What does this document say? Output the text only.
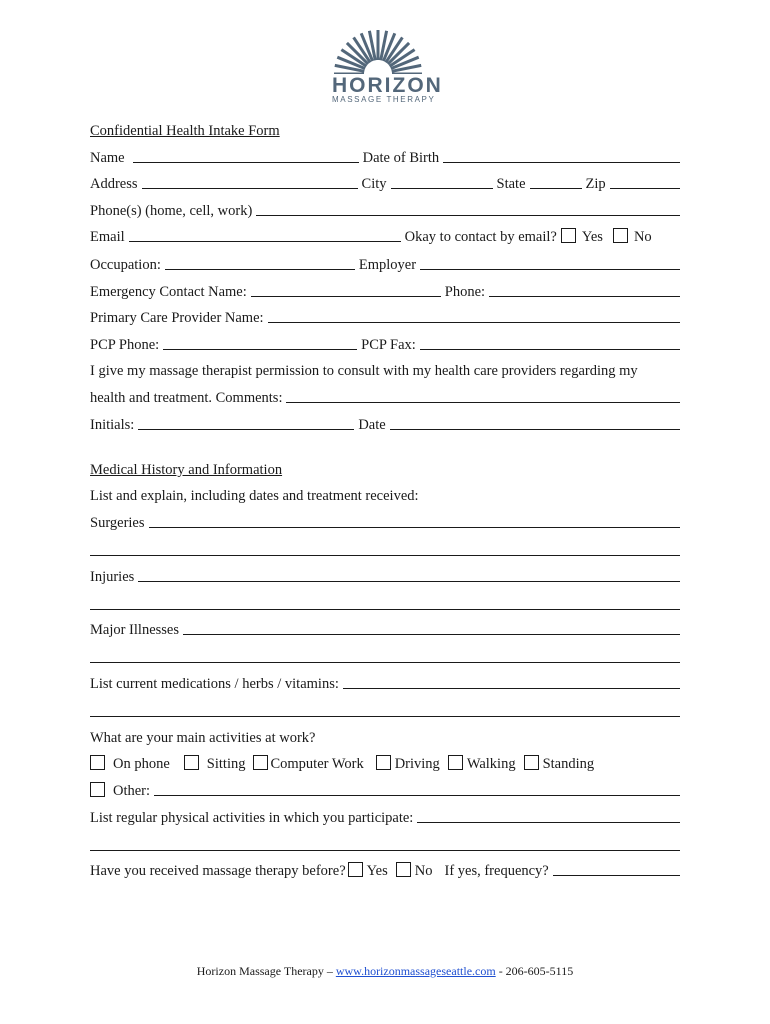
HORIZON
MASSAGE THERAPY
Confidential Health Intake Form
Name	Date of Birth
Address	City	State	Zip
Phone(s) (home, cell, work)
Email	Okay to contact by email? Yes No
Occupation:	Employer
Emergency Contact Name:	Phone:
Primary Care Provider Name:
PCP Phone:	PCP Fax:
I give my massage therapist permission to consult with my health care providers regarding my
health and treatment. Comments:
Initials:	Date
Medical History and Information
List and explain, including dates and treatment received:
Surgeries
Injuries
Major Illnesses
List current medications / herbs / vitamins:
What are your main activities at work?
On phone	Sitting Computer Work Driving Walking Standing
Other:
List regular physical activities in which you participate:
Have you received massage therapy before? Yes No If yes, frequency?
Horizon Massage Therapy – www.horizonmassageseattle.com - 206-605-5115
